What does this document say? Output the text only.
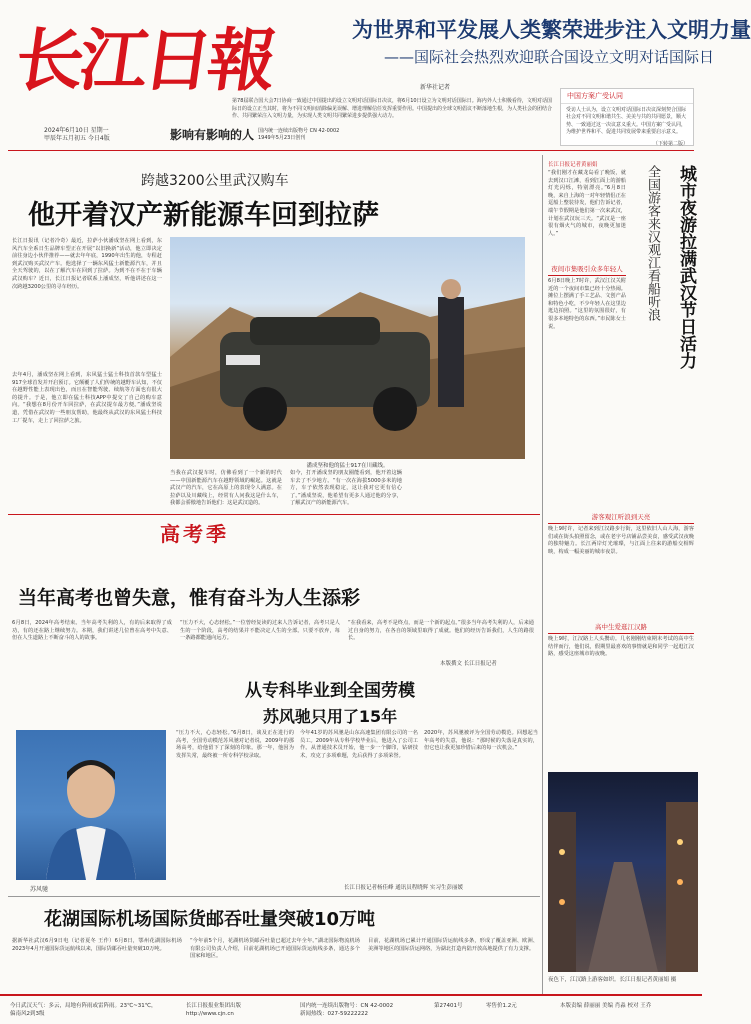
长江日報
2024年6月10日 星期一
甲辰年五月初五 今日4版	影响有影响的人 国内统一连续出版物号 CN 42-0002
1949年5月23日创刊
为世界和平发展人类繁荣进步注入文明力量
——国际社会热烈欢迎联合国设立文明对话国际日
新华社记者
第78届联合国大会7日协商一致通过中国提出的设立文明对话国际日决议，将6月10日设立为文明对话国际日。海内外人士积极看待，文明对话国际日的设立正当其时，将为不同文明间消除偏见误解、增进理解信任发挥重要作用。中国提出的全球文明倡议不断落地生根，为人类社会的团结合作、共同繁荣注入文明力量，为实现人类文明共同繁荣进步提供强大动力。
中国方案广受认同
受访人士认为，设立文明对话国际日决议深刻契合国际社会对不同文明和谐共生、美美与共的共同愿景，顺大势、一致通过这一决议意义重大。中国方案广受认同，为维护世界和平、促进共同发展带来重要启示意义。
（下转第二版）
跨越3200公里武汉购车
他开着汉产新能源车回到拉萨
长江日报讯（记者冷奇）最近，拉萨小伙潘成坚在网上看到，东风汽车全系日生品牌车型正在开展“以旧换新”活动，他立即决定前往身边小伙伴推荐——就去年年底，1990年出生的他，专程赶到武汉购买武汉产车。他选择了一辆东风猛士新能源汽车，并且全天驾驶的，以在了解汽车在回到了拉萨。为到不在不在于车辆武汉购车？近日，长江日报记者联系上潘成坚，听他讲述在这一次跨越3200公里的寻车经历。
去年4月，潘成坚在网上看到，东风猛士猛士科技首款车型猛士917全球首发并开启预订。它颠覆了人们传统的越野车认知，不仅在越野性能上表现出色，而且在智能驾驶、续航等方面也有很大的提升。于是，他立即在猛士科技APP中提交了自己的购车意向。“我想在8月份开车回拉萨，在武汉提车最方便。”潘成坚说道，凭借在武汉的一些朋友帮助，他最终从武汉的东风猛士科技工厂提车，走上了回拉萨之旅。
潘成坚和他的猛士917在川藏线。
当我在武汉提车时，仿佛看到了一个新的时代——中国新能源汽车在越野领域的崛起。这就是武汉产的汽车，它在高原上的表现令人满意。在拉萨以及川藏线上，经常有人问我这是什么车，我都会骄傲地告诉他们：这是武汉造的。
如今，打开潘成坚的朋友圈能看到，他开着这辆车去了不少地方。“有一次在海拔5000多米的地方，车子依然表现稳定，这让我对它更有信心了。”潘成坚说，他希望有更多人通过他的分享，了解武汉产的新能源汽车。
长江日报记者黄丽娟	城市夜游拉满武汉节日活力
全国游客来汉观江看船听浪
“我们刚才在藏龙岛看了晚饭，就去到汉口江滩，看到江面上的游船灯光闪烁，特别漂亮。”6月8日晚，来自上海的一对年轻情侣正在趸船上整装待发，他们告诉记者，端午节假期是他们第一次来武汉，计划在武汉玩三天。“武汉是一座很有烟火气的城市，夜晚更加迷人。”
夜间市集吸引众多年轻人
6月8日晚上7时许，武汉江汉关附近的一个夜间市集已经十分热闹。摊位上摆满了手工艺品、文创产品和特色小吃，不少年轻人在这里边逛边拍照。“这里的氛围很好，有很多本地特色的东西。”市民陈女士说。
游客观江听浪到天亮
晚上9时许，记者来到江汉路步行街，这里依旧人山人海，游客们或在街头拍照留念，或在老字号店铺品尝美食，感受武汉夜晚的独特魅力。长江两岸灯光璀璨，与江面上往来的游船交相辉映，构成一幅美丽的城市夜景。
高中生爱逛江汉路
晚上9时，江汉路上人头攒动。几名刚刚结束期末考试的高中生结伴而行，他们说，假期里最喜欢的事情就是和同学一起逛江汉路，感受这座城市的夜晚。
夜色下，江汉路上游客如织。长江日报记者黄丽娟 摄
高考季
当年高考也曾失意，惟有奋斗为人生添彩
6月8日，2024年高考结束。当年高考失利的人，有的后来取得了成功，有的还在路上继续努力。本期，我们讲述几位曾在高考中失意、但在人生道路上不断奋斗的人的故事。
“压力不大，心态轻松。”一位曾经复读的过来人告诉记者，高考只是人生的一个阶段，高考的结果并不能决定人生的全部。只要不放弃，每一条路都能通向远方。
“在我看来，高考不是终点，而是一个新的起点。”很多当年高考失利的人，后来通过自身的努力，在各自的领域里取得了成就。他们的经历告诉我们，人生的路很长。
本版撰文 长江日报记者
从专科毕业到全国劳模
苏风驰只用了15年
苏风驰
“压力不大，心态轻松。”6月8日，谈及正在进行的高考，全国劳动模范苏风驰对记者说，2009年的那场高考，给他留下了深刻的印象。那一年，他因为发挥失常，最终被一所专科学校录取。
今年41岁的苏风驰是山东高速集团有限公司的一名员工。2009年从专科学校毕业后，他进入了公司工作。从普通技术员开始，他一步一个脚印，钻研技术，攻克了多项难题，先后获得了多项荣誉。
2020年，苏风驰被评为全国劳动模范。回想起当年高考的失意，他说：“那时候的失落是真实的，但它也让我更加珍惜后来的每一次机会。”
长江日报记者杨佳峰 通讯员程晓辉 实习生彭丽媛
花湖国际机场国际货邮吞吐量突破10万吨
据新华社武汉6月9日电（记者夏冬 王作）6月8日，鄂州花湖国际机场 2023年4月开通国际货运航线以来，国际货邮吞吐量突破10万吨。
“今年前5个月，花湖机场货邮吞吐量已超过去年全年。”湖北国际物流机场有限公司负责人介绍，目前花湖机场已开通国际货运航线多条，通达多个国家和地区。
目前，花湖机场已累计开通国际货运航线多条，形成了覆盖亚洲、欧洲、美洲等地区的国际货运网络，为湖北打造内陆开放高地提供了有力支撑。
今日武汉天气：多云，局地有阵雨或雷阵雨。23℃~31℃，偏南风2到3级
长江日报报业集团出版
http://www.cjn.cn
国内统一连续出版物号：CN 42-0002
新闻热线：027-59222222
第27401号	零售价1.2元	本版责编 薛丽丽 美编 肖淼 校对 王乔
